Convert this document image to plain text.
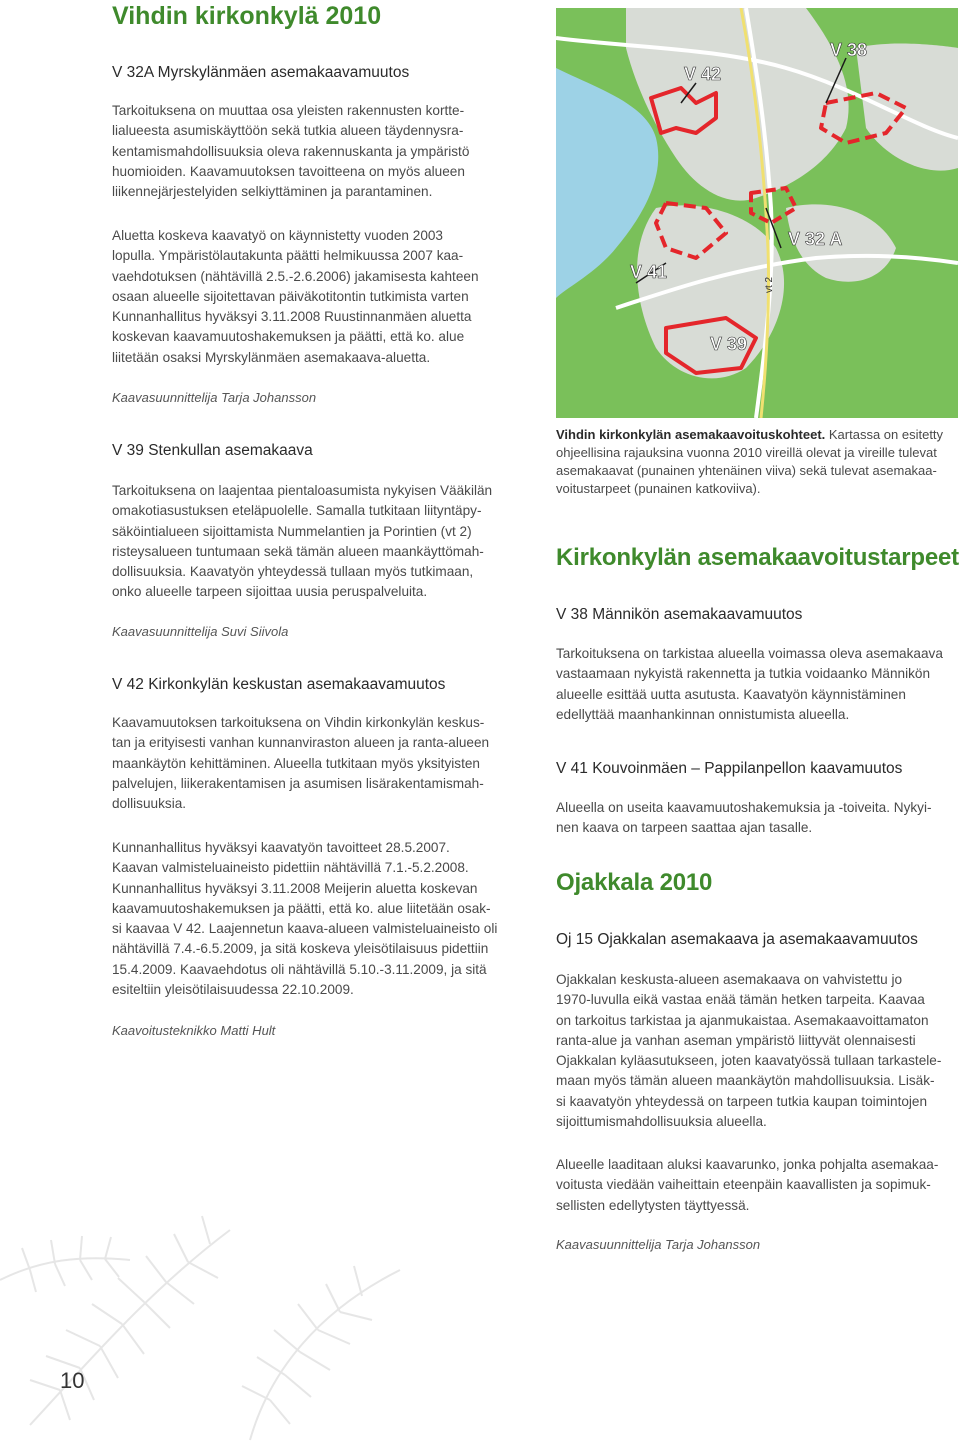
Vihdin kirkonkylä 2010
V 32A Myrskylänmäen asemakaavamuutos
Tarkoituksena on muuttaa osa yleisten rakennusten kortte-
lialueesta asumiskäyttöön sekä tutkia alueen täydennysra-
kentamismahdollisuuksia oleva rakennuskanta ja ympäristö
huomioiden. Kaavamuutoksen tavoitteena on myös alueen
liikennejärjestelyiden selkiyttäminen ja parantaminen.
Aluetta koskeva kaavatyö on käynnistetty vuoden 2003
lopulla. Ympäristölautakunta päätti helmikuussa 2007 kaa-
vaehdotuksen (nähtävillä 2.5.-2.6.2006) jakamisesta kahteen
osaan alueelle sijoitettavan päiväkotitontin tutkimista varten
Kunnanhallitus hyväksyi 3.11.2008 Ruustinnanmäen aluetta
koskevan kaavamuutoshakemuksen ja päätti, että ko. alue
liitetään osaksi Myrskylänmäen asemakaava-aluetta.
Kaavasuunnittelija Tarja Johansson
V 39 Stenkullan asemakaava
Tarkoituksena on laajentaa pientaloasumista nykyisen Vääkilän
omakotiasustuksen eteläpuolelle. Samalla tutkitaan liityntäpy-
säköintialueen sijoittamista Nummelantien ja Porintien (vt 2)
risteysalueen tuntumaan sekä tämän alueen maankäyttömah-
dollisuuksia. Kaavatyön yhteydessä tullaan myös tutkimaan,
onko alueelle tarpeen sijoittaa uusia peruspalveluita.
Kaavasuunnittelija Suvi Siivola
V 42 Kirkonkylän keskustan asemakaavamuutos
Kaavamuutoksen tarkoituksena on Vihdin kirkonkylän keskus-
tan ja erityisesti vanhan kunnanviraston alueen ja ranta-alueen
maankäytön kehittäminen. Alueella tutkitaan myös yksityisten
palvelujen, liikerakentamisen ja asumisen lisärakentamismah-
dollisuuksia.
Kunnanhallitus hyväksyi kaavatyön tavoitteet 28.5.2007.
Kaavan valmisteluaineisto pidettiin nähtävillä 7.1.-5.2.2008.
Kunnanhallitus hyväksyi 3.11.2008 Meijerin aluetta koskevan
kaavamuutoshakemuksen ja päätti, että ko. alue liitetään osak-
si kaavaa V 42. Laajennetun kaava-alueen valmisteluaineisto oli
nähtävillä 7.4.-6.5.2009, ja sitä koskeva yleisötilaisuus pidettiin
15.4.2009. Kaavaehdotus oli nähtävillä 5.10.-3.11.2009, ja sitä
esiteltiin yleisötilaisuudessa 22.10.2009.
Kaavoitusteknikko Matti Hult
V 38
V 42
V 32 A
V 41
V 39
vt 2
Vihdin kirkonkylän asemakaavoituskohteet. Kartassa on esitetty
ohjeellisina rajauksina vuonna 2010 vireillä olevat ja vireille tulevat
asemakaavat (punainen yhtenäinen viiva) sekä tulevat asemakaa-
voitustarpeet (punainen katkoviiva).
Kirkonkylän asemakaavoitustarpeet
V 38 Männikön asemakaavamuutos
Tarkoituksena on tarkistaa alueella voimassa oleva asemakaava
vastaamaan nykyistä rakennetta ja tutkia voidaanko Männikön
alueelle esittää uutta asutusta. Kaavatyön käynnistäminen
edellyttää maanhankinnan onnistumista alueella.
V 41 Kouvoinmäen – Pappilanpellon kaavamuutos
Alueella on useita kaavamuutoshakemuksia ja -toiveita. Nykyi-
nen kaava on tarpeen saattaa ajan tasalle.
Ojakkala 2010
Oj 15 Ojakkalan asemakaava ja asemakaavamuutos
Ojakkalan keskusta-alueen asemakaava on vahvistettu jo
1970-luvulla eikä vastaa enää tämän hetken tarpeita. Kaavaa
on tarkoitus tarkistaa ja ajanmukaistaa. Asemakaavoittamaton
ranta-alue ja vanhan aseman ympäristö liittyvät olennaisesti
Ojakkalan kyläasutukseen, joten kaavatyössä tullaan tarkastele-
maan myös tämän alueen maankäytön mahdollisuuksia. Lisäk-
si kaavatyön yhteydessä on tarpeen tutkia kaupan toimintojen
sijoittumismahdollisuuksia alueella.
Alueelle laaditaan aluksi kaavarunko, jonka pohjalta asemakaa-
voitusta viedään vaiheittain eteenpäin kaavallisten ja sopimuk-
sellisten edellytysten täyttyessä.
Kaavasuunnittelija Tarja Johansson
10
